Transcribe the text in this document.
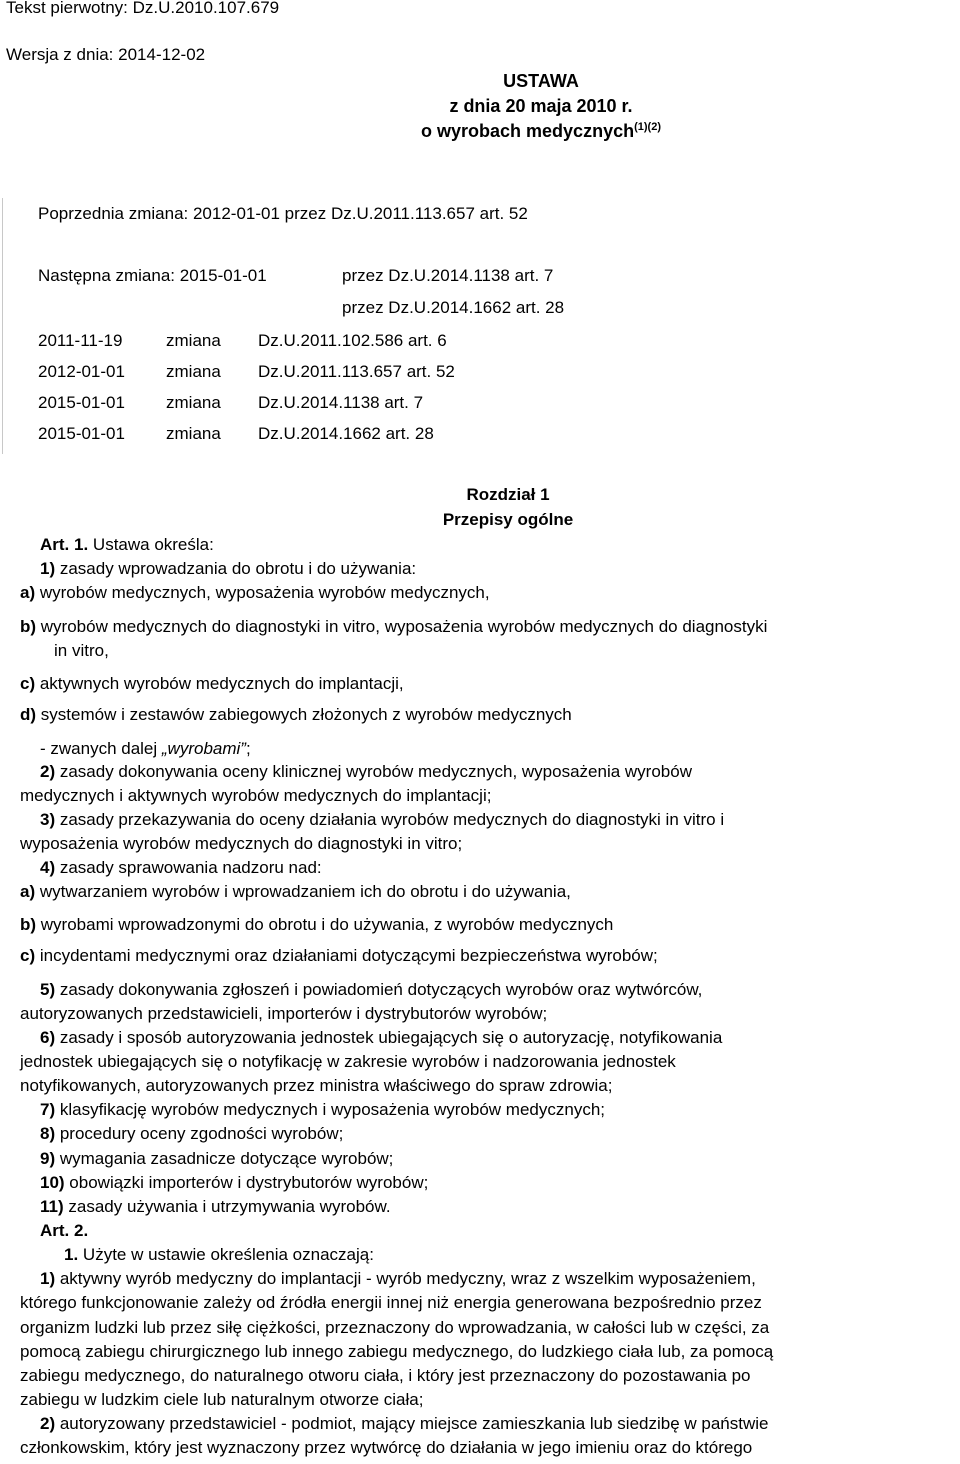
Tekst pierwotny: Dz.U.2010.107.679
Wersja z dnia: 2014-12-02
USTAWA
z dnia 20 maja 2010 r.
o wyrobach medycznych$^{(1)(2)}$
Poprzednia zmiana: 2012-01-01 przez Dz.U.2011.113.657 art. 52
Następna zmiana: 2015-01-01	przez Dz.U.2014.1138 art. 7
przez Dz.U.2014.1662 art. 28
2011-11-19	zmiana Dz.U.2011.102.586 art. 6
2012-01-01 zmiana Dz.U.2011.113.657 art. 52
2015-01-01 zmiana Dz.U.2014.1138 art. 7
2015-01-01 zmiana Dz.U.2014.1662 art. 28
Rozdział 1
Przepisy ogólne
Art. 1. Ustawa określa:
1) zasady wprowadzania do obrotu i do używania:
a) wyrobów medycznych, wyposażenia wyrobów medycznych,
b) wyrobów medycznych do diagnostyki in vitro, wyposażenia wyrobów medycznych do diagnostyki
in vitro,
c) aktywnych wyrobów medycznych do implantacji,
d) systemów i zestawów zabiegowych złożonych z wyrobów medycznych
- zwanych dalej „wyrobami”;
2) zasady dokonywania oceny klinicznej wyrobów medycznych, wyposażenia wyrobów
medycznych i aktywnych wyrobów medycznych do implantacji;
3) zasady przekazywania do oceny działania wyrobów medycznych do diagnostyki in vitro i
wyposażenia wyrobów medycznych do diagnostyki in vitro;
4) zasady sprawowania nadzoru nad:
a) wytwarzaniem wyrobów i wprowadzaniem ich do obrotu i do używania,
b) wyrobami wprowadzonymi do obrotu i do używania, z wyrobów medycznych
c) incydentami medycznymi oraz działaniami dotyczącymi bezpieczeństwa wyrobów;
5) zasady dokonywania zgłoszeń i powiadomień dotyczących wyrobów oraz wytwórców,
autoryzowanych przedstawicieli, importerów i dystrybutorów wyrobów;
6) zasady i sposób autoryzowania jednostek ubiegających się o autoryzację, notyfikowania
jednostek ubiegających się o notyfikację w zakresie wyrobów i nadzorowania jednostek
notyfikowanych, autoryzowanych przez ministra właściwego do spraw zdrowia;
7) klasyfikację wyrobów medycznych i wyposażenia wyrobów medycznych;
8) procedury oceny zgodności wyrobów;
9) wymagania zasadnicze dotyczące wyrobów;
10) obowiązki importerów i dystrybutorów wyrobów;
11) zasady używania i utrzymywania wyrobów.
Art. 2.
1. Użyte w ustawie określenia oznaczają:
1) aktywny wyrób medyczny do implantacji - wyrób medyczny, wraz z wszelkim wyposażeniem,
którego funkcjonowanie zależy od źródła energii innej niż energia generowana bezpośrednio przez
organizm ludzki lub przez siłę ciężkości, przeznaczony do wprowadzania, w całości lub w części, za
pomocą zabiegu chirurgicznego lub innego zabiegu medycznego, do ludzkiego ciała lub, za pomocą
zabiegu medycznego, do naturalnego otworu ciała, i który jest przeznaczony do pozostawania po
zabiegu w ludzkim ciele lub naturalnym otworze ciała;
2) autoryzowany przedstawiciel - podmiot, mający miejsce zamieszkania lub siedzibę w państwie
członkowskim, który jest wyznaczony przez wytwórcę do działania w jego imieniu oraz do którego
